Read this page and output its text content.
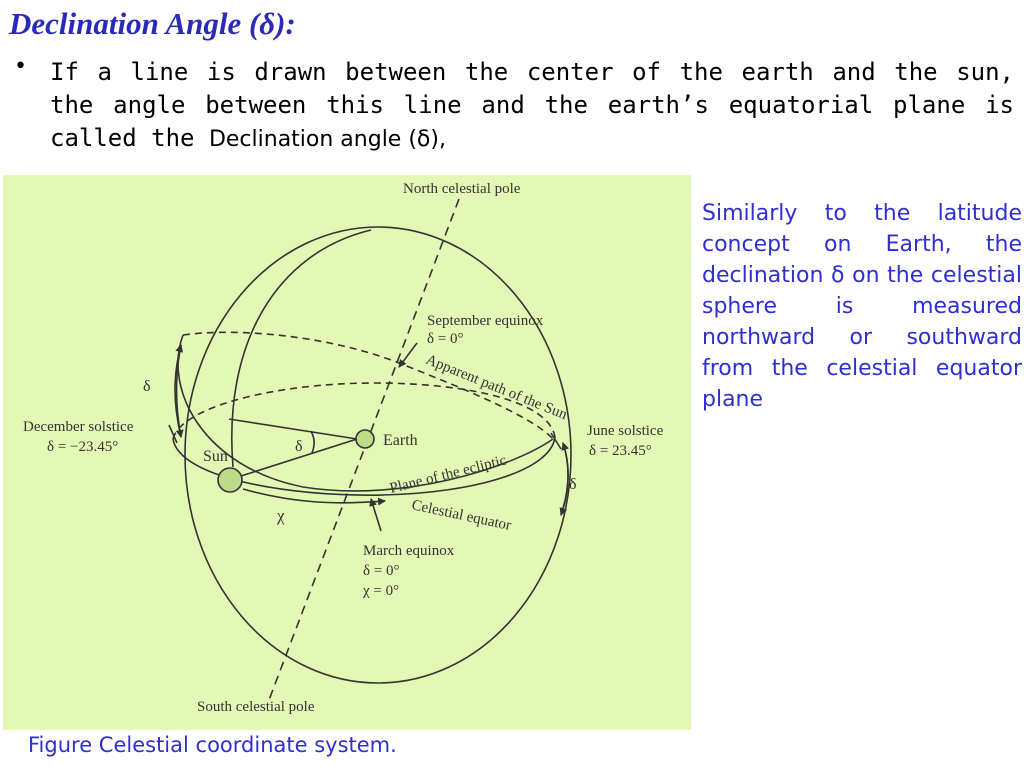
Declination Angle (δ):
• If a line is drawn between the center of the earth and the sun, the angle between this line and the earth’s equatorial plane is called the Declination angle (δ),
North celestial pole
September equinox
δ = 0°
Apparent path of the Sun
December solstice
δ = −23.45°
June solstice
δ = 23.45°
Earth
Sun
δ
δ
δ
χ
Plane of the ecliptic
Celestial equator
March equinox
δ = 0°
χ = 0°
South celestial pole
Similarly to the latitude concept on Earth, the declination δ on the celestial sphere is measured northward or southward from the celestial equator plane
Figure Celestial coordinate system.
